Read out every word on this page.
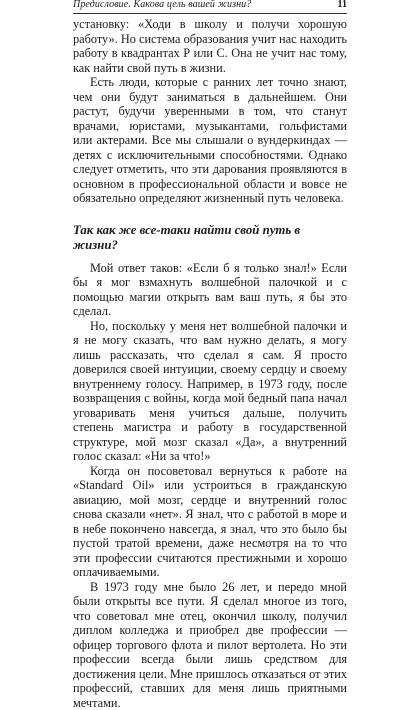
Предисловие. Какова цель вашей жизни?	11

установку: «Ходи в школу и получи хорошую работу». Но система образования учит нас находить работу в квадрантах Р или С. Она не учит нас тому, как найти свой путь в жизни.

Есть люди, которые с ранних лет точно знают, чем они будут заниматься в дальнейшем. Они растут, будучи уверенными в том, что станут врачами, юристами, музыкантами, гольфистами или актерами. Все мы слышали о вундеркиндах — детях с исключительными способностями. Однако следует отметить, что эти дарования проявляются в основном в профессиональной области и вовсе не обязательно определяют жизненный путь человека.

Так как же все-таки найти свой путь в жизни?

Мой ответ таков: «Если б я только знал!» Если бы я мог взмахнуть волшебной палочкой и с помощью магии открыть вам ваш путь, я бы это сделал.

Но, поскольку у меня нет волшебной палочки и я не могу сказать, что вам нужно делать, я могу лишь рассказать, что сделал я сам. Я просто доверился своей интуиции, своему сердцу и своему внутреннему голосу. Например, в 1973 году, после возвращения с войны, когда мой бедный папа начал уговаривать меня учиться дальше, получить степень магистра и работу в государственной структуре, мой мозг сказал «Да», а внутренний голос сказал: «Ни за что!»

Когда он посоветовал вернуться к работе на «Standard Oil» или устроиться в гражданскую авиацию, мой мозг, сердце и внутренний голос снова сказали «нет». Я знал, что с работой в море и в небе покончено навсегда, я знал, что это было бы пустой тратой времени, даже несмотря на то что эти профессии считаются престижными и хорошо оплачиваемыми.

В 1973 году мне было 26 лет, и передо мной были открыты все пути. Я сделал многое из того, что советовал мне отец, окончил школу, получил диплом колледжа и приобрел две профессии — офицер торгового флота и пилот вертолета. Но эти профессии всегда были лишь средством для достижения цели. Мне пришлось отказаться от этих профессий, ставших для меня лишь приятными мечтами.
